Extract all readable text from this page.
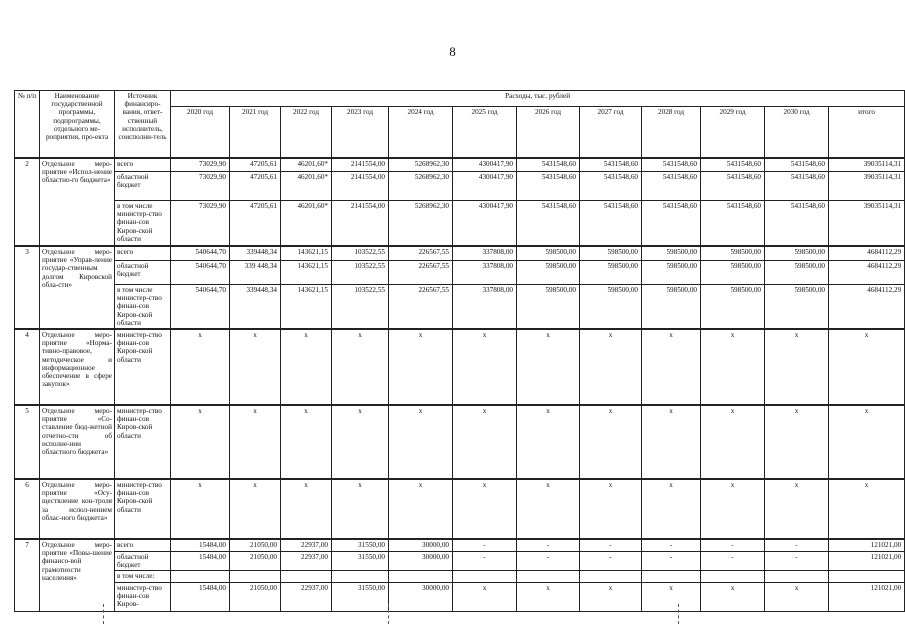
8
№ п/п	Наименование государственной программы, подпрограммы, отдельного ме-роприятия, про-екта	Источник финансиро-вания, ответ-ственный исполнитель, соисполни-тель	Расходы, тыс. рублей											
			2020 год	2021 год	2022 год	2023 год	2024 год	2025 год	2026 год	2027 год	2028 год	2029 год	2030 год	итого
2	Отдельное меро-приятие «Испол-нение областно-го бюджета»	всего	73029,90	47205,61	46201,60*	2141554,00	5268962,30	4300417,90	5431548,60	5431548,60	5431548,60	5431548,60	5431548,60	39035114,31
		областной бюджет	73029,90	47205,61	46201,60*	2141554,00	5268962,30	4300417,90	5431548,60	5431548,60	5431548,60	5431548,60	5431548,60	39035114,31
		в том числе министер-ство финан-сов Киров-ской области	73029,90	47205,61	46201,60*	2141554,00	5268962,30	4300417,90	5431548,60	5431548,60	5431548,60	5431548,60	5431548,60	39035114,31
3	Отдельное меро-приятие «Управ-ление государ-ственным долгом Кировской обла-сти»	всего	540644,70	339448,34	143621,15	103522,55	226567,55	337808,00	598500,00	598500,00	598500,00	598500,00	598500,00	4684112,29
		областной бюджет	540644,70	339 448,34	143621,15	103522,55	226567,55	337808,00	598500,00	598500,00	598500,00	598500,00	598500,00	4684112,29
		в том числе министер-ство финан-сов Киров-ской области	540644,70	339448,34	143621,15	103522,55	226567,55	337808,00	598500,00	598500,00	598500,00	598500,00	598500,00	4684112,29
4	Отдельное меро-приятие «Норма-тивно-правовое, методическое и информационное обеспечение в сфере закупок»	министер-ство финан-сов Киров-ской области	x	x	x	x	x	x	x	x	x	x	x	x
5	Отдельное меро-приятие «Со-ставление бюд-жетной отчетно-сти об исполне-нии областного бюджета»	министер-ство финан-сов Киров-ской области	x	x	x	x	x	x	x	x	x	x	x	x
6	Отдельное меро-приятие «Осу-ществление кон-троля за испол-нением облас-ного бюджета»	министер-ство финан-сов Киров-ской области	x	x	x	x	x	x	x	x	x	x	x	x
7	Отдельное меро-приятие «Повы-шение финансо-вой грамотности населения»	всего	15484,00	21050,00	22937,00	31550,00	30000,00	-	-	-	-	-	-	121021,00
		областной бюджет	15484,00	21050,00	22937,00	31550,00	30000,00	-	-	-	-	-	-	121021,00
		в том числе:												
		министер-ство финан-сов Киров-	15484,00	21050,00	22937,00	31550,00	30000,00	x	x	x	x	x	x	121021,00
